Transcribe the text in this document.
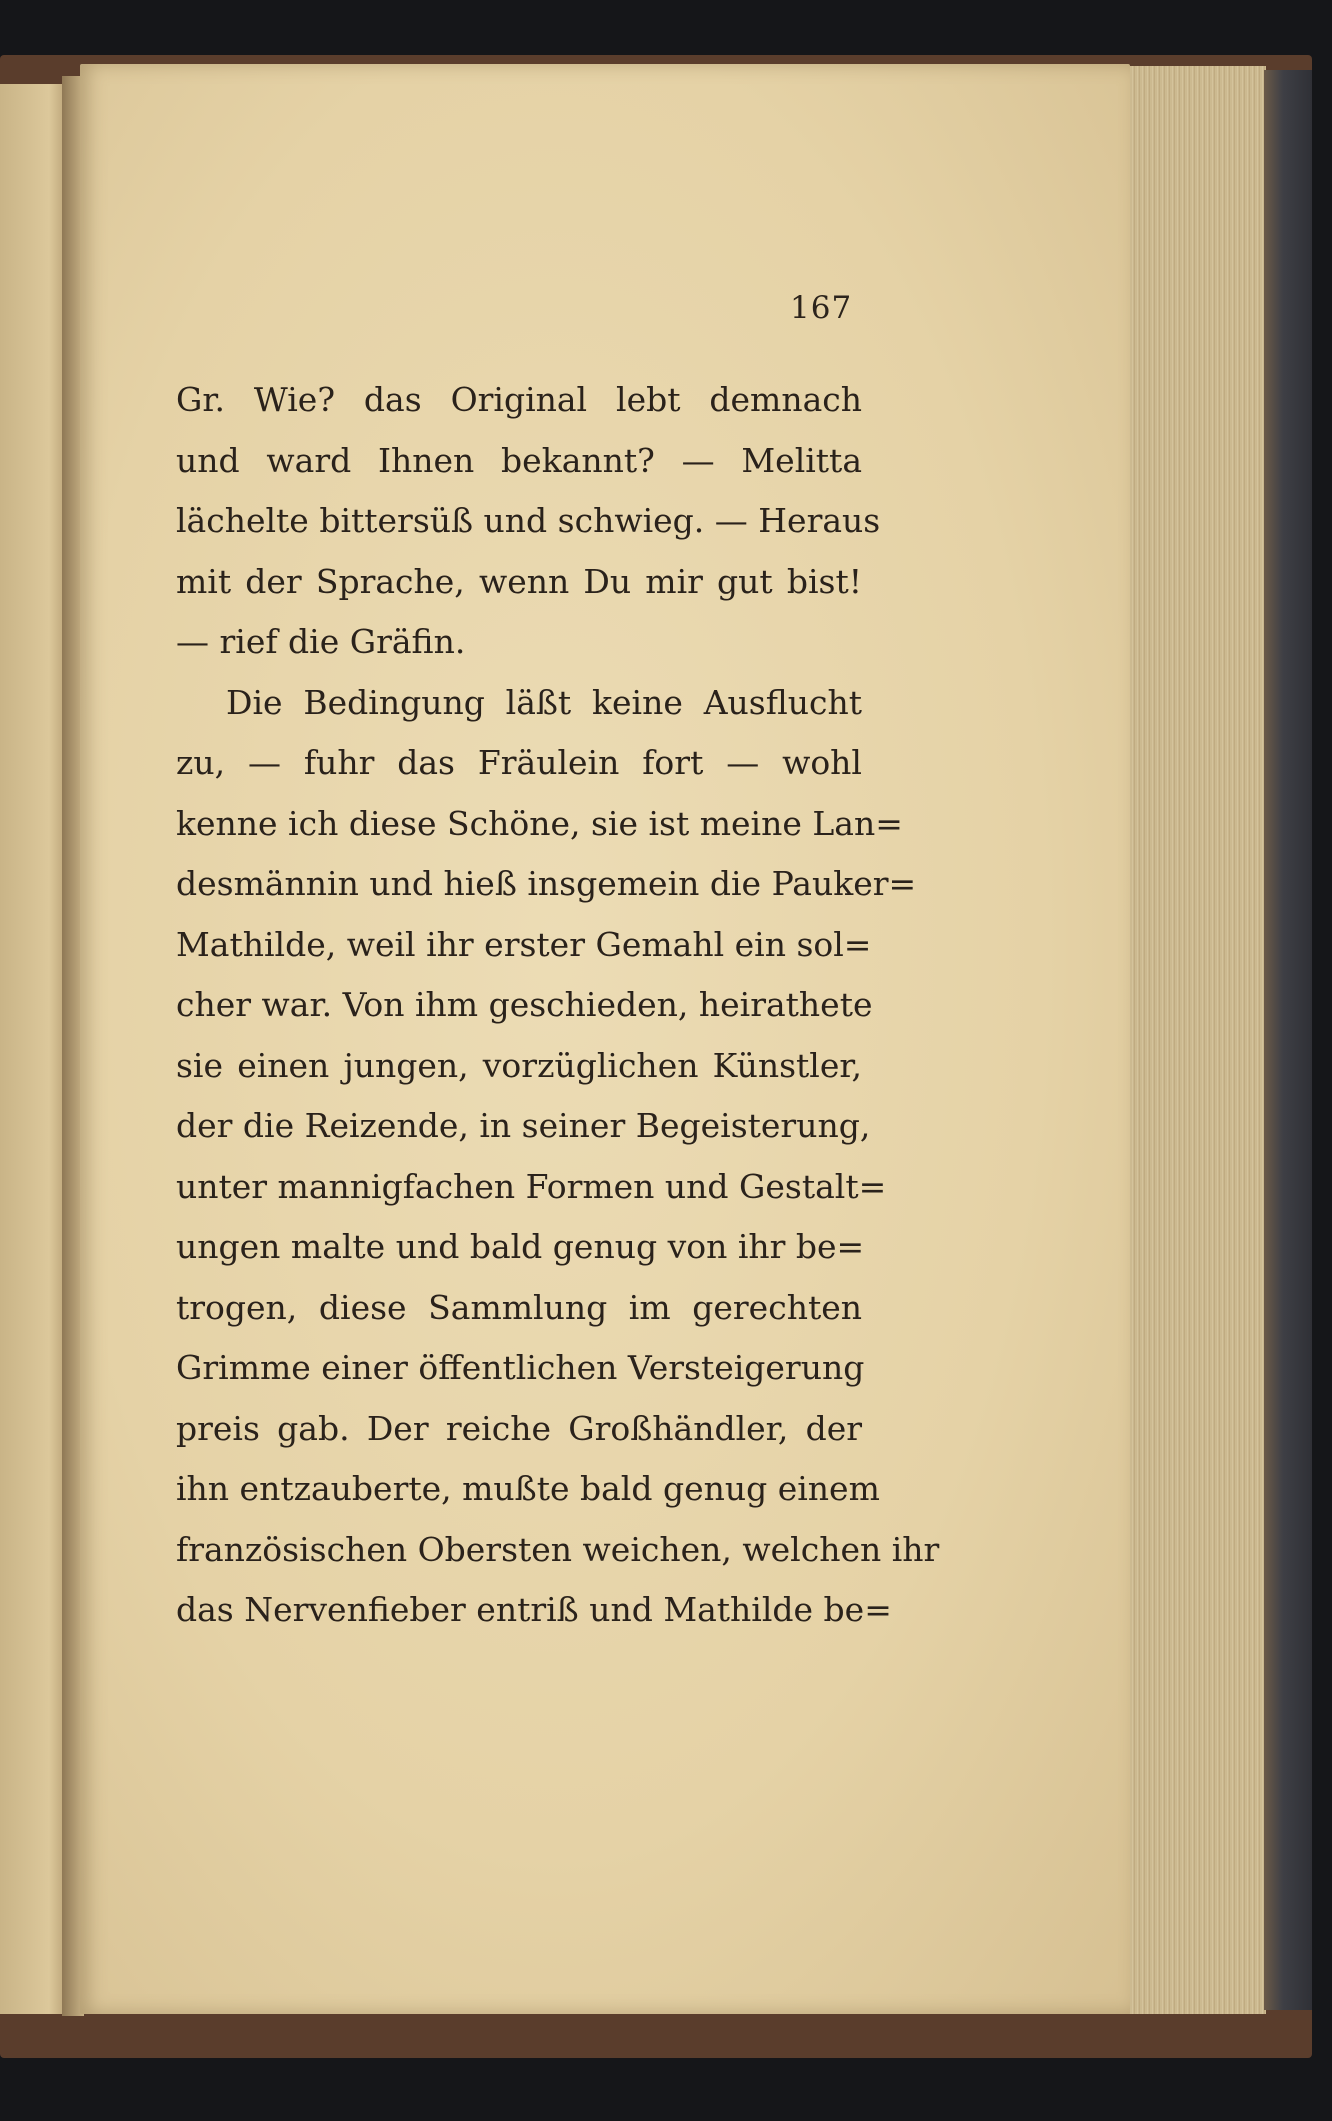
167
Gr. Wie? das Original lebt demnach
und ward Ihnen bekannt? — Melitta
lächelte bittersüß und schwieg. — Heraus
mit der Sprache, wenn Du mir gut bist!
— rief die Gräfin.
Die Bedingung läßt keine Ausflucht
zu, — fuhr das Fräulein fort — wohl
kenne ich diese Schöne, sie ist meine Lan=
desmännin und hieß insgemein die Pauker=
Mathilde, weil ihr erster Gemahl ein sol=
cher war. Von ihm geschieden, heirathete
sie einen jungen, vorzüglichen Künstler,
der die Reizende, in seiner Begeisterung,
unter mannigfachen Formen und Gestalt=
ungen malte und bald genug von ihr be=
trogen, diese Sammlung im gerechten
Grimme einer öffentlichen Versteigerung
preis gab. Der reiche Großhändler, der
ihn entzauberte, mußte bald genug einem
französischen Obersten weichen, welchen ihr
das Nervenfieber entriß und Mathilde be=
